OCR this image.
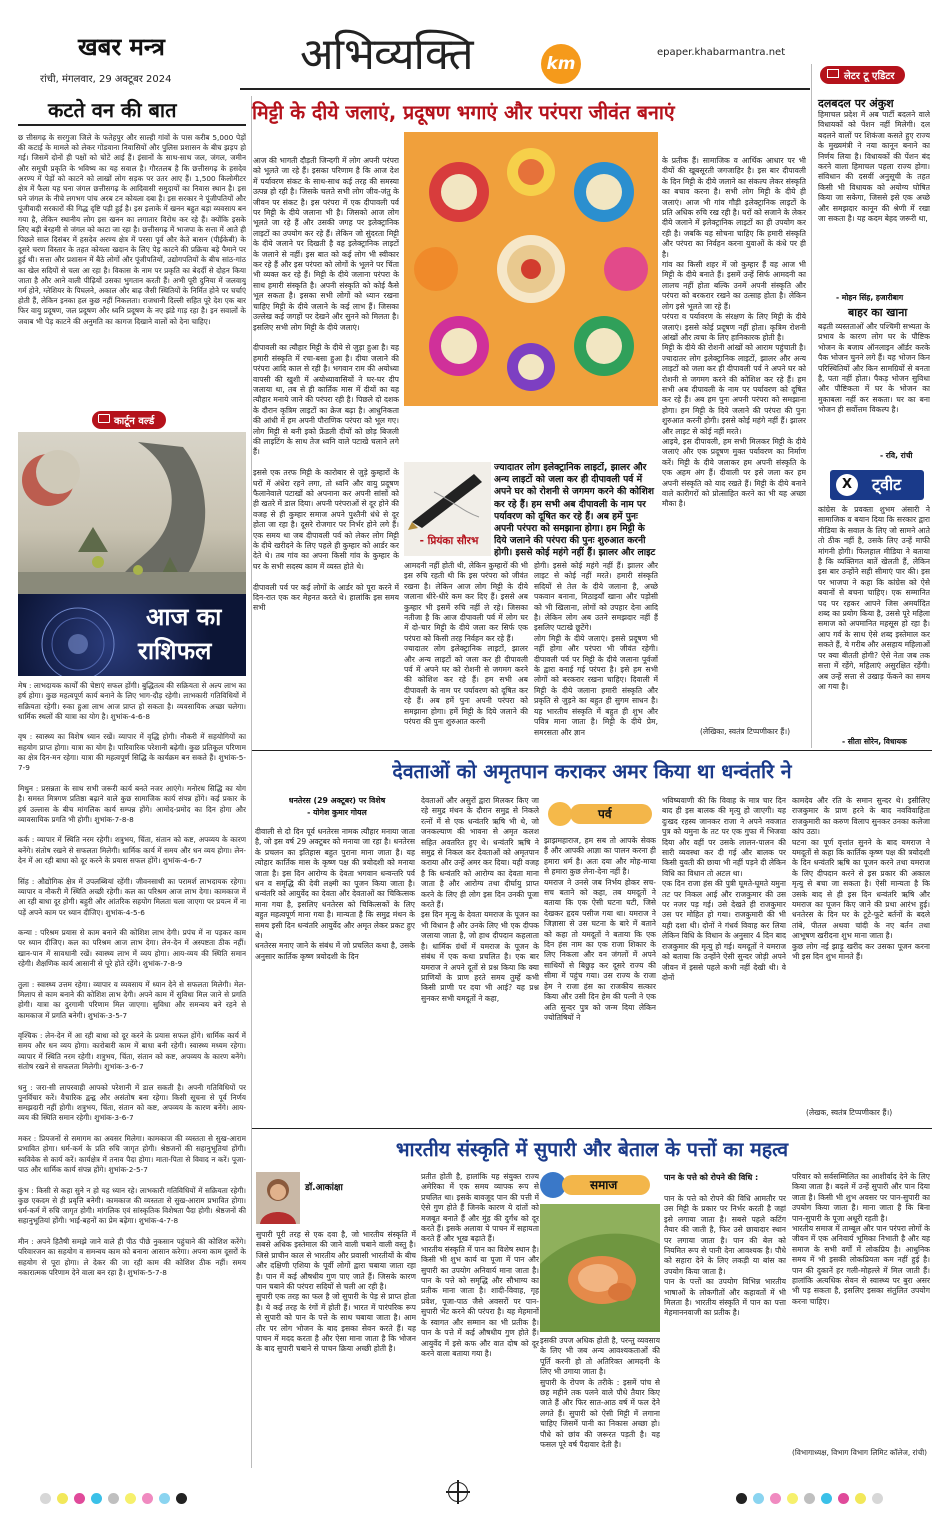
खबर मन्त्र
रांची, मंगलवार, 29 अक्टूबर 2024	अभिव्यक्ति	km
epaper.khabarmantra.net
कटते वन की बात
छ त्तीसगढ़ के सरगुजा जिले के फतेहपुर और साल्ही गांवों के पास करीब 5,000 पेड़ों की कटाई के मामले को लेकर गोंडवाना निवासियों और पुलिस प्रशासन के बीच झड़प हो गई। जिसमें दोनों ही पक्षों को चोटें आई हैं। इंसानों के साथ-साथ जल, जंगल, जमीन और समूची प्रकृति के भविष्य का यह सवाल है। गौरतलब है कि छत्तीसगढ़ के हसदेव अरण्य में पेड़ों को काटने को लाखों लोग सड़क पर उतर आए हैं। 1,500 किलोमीटर क्षेत्र में फैला यह घना जंगल छत्तीसगढ़ के आदिवासी समुदायों का निवास स्थान है। इस घने जंगल के नीचे लगभग पांच अरब टन कोयला दबा है। इस सरकार ने पूंजीपतियों और पूंजीवादी सरकारों की गिद्ध दृष्टि पड़ी हुई है। इस इलाके में खनन बहुत बड़ा व्यवसाय बन गया है, लेकिन स्थानीय लोग इस खनन का लगातार विरोध कर रहे हैं। क्योंकि इसके लिए बड़ी बेरहमी से जंगल को काटा जा रहा है। छत्तीसगढ़ में भाजपा के सत्ता में आते ही पिछले साल दिसंबर में हसदेव अरण्य क्षेत्र में परसा पूर्व और केते बासन (पीईकेबी) के दूसरे चरण विस्तार के तहत कोयला खदान के लिए पेड़ काटने की प्रक्रिया बड़े पैमाने पर हुई थी। सत्ता और प्रशासन में बैठे लोगों और पूंजीपतियों, उद्योगपतियों के बीच सांठ-गांठ का खेल सदियों से चला आ रहा है। विकास के नाम पर प्रकृति का बेदर्दी से दोहन किया जाता है और आने वाली पीढ़ियों उसका भुगतान करती हैं। अभी पूरी दुनिया में जलवायु गर्म होने, ग्लेशियर के पिघलने, अकाल और बाढ़ जैसी स्थितियों के निर्मित होने पर चर्चाएं होती हैं, लेकिन इनका हल कुछ नहीं निकलता। राजधानी दिल्ली सहित पूरे देश एक बार फिर वायु प्रदूषण, जल प्रदूषण और ध्वनि प्रदूषण के नए झंडे गाड़ रहा है। इन सवालों के जवाब भी पेड़ काटने की अनुमति का कागज दिखाने वालों को देना चाहिए।
कार्टून वर्ल्ड
आज का
राशिफल
मेष : लाभदायक कार्यों की चेष्टाएं सफल होंगी। बुद्धितत्व की सक्रियता से अल्प लाभ का हर्ष होगा। कुछ महत्वपूर्ण कार्य बनाने के लिए भाग-दौड़ रहेगी। लाभकारी गतिविधियों में सक्रियता रहेगी। रुका हुआ लाभ आज प्राप्त हो सकता है। व्यवसायिक अच्छा चलेगा। धार्मिक स्थलों की यात्रा का योग है। शुभांक-4-6-8

वृष : स्वास्थ्य का विशेष ध्यान रखें। व्यापार में वृद्धि होगी। नौकरी में सहयोगियों का सहयोग प्राप्त होगा। यात्रा का योग है। पारिवारिक परेशानी बढ़ेगी। कुछ प्रतिकूल परिणाम का क्षेत्र दिन-मन रहेगा। यात्रा की महत्वपूर्ण सिद्धि के कार्यक्रम बन सकते हैं। शुभांक-5-7-9

मिथुन : प्रसन्नता के साथ सभी जरूरी कार्य बनते नजर आएंगे। मनोरथ सिद्धि का योग है। समस्त मित्रगण प्रतिष्ठा बढ़ाने वाले कुछ सामाजिक कार्य संपन्न होंगे। कई प्रकार के हर्ष उल्लास के बीच मांगलिक कार्य सम्पन्न होंगे। आमोद-प्रमोद का दिन होगा और व्यावसायिक प्रगति भी होगी। शुभांक-7-8-8

कर्क : व्यापार में स्थिति नरम रहेगी। शत्रुभय, चिंता, संतान को कष्ट, अपव्यय के कारण बनेंगे। संतोष रखने से सफलता मिलेगी। धार्मिक कार्य में समय और धन व्यय होगा। लेन-देन में आ रही बाधा को दूर करने के प्रयास सफल होंगे। शुभांक-4-6-7

सिंह : औद्योगिक क्षेत्र में उपलब्धियां रहेंगी। जीवनसाथी का परामर्श लाभदायक रहेगा। व्यापार व नौकरी में स्थिति अच्छी रहेगी। कल का परिश्रम आज लाभ देगा। कामकाज में आ रही बाधा दूर होगी। बहुरी और आंतरिक सहयोग मिलता चला जाएगा पर प्रयत्न में ना पड़ें अपने काम पर ध्यान दीजिए। शुभांक-4-5-6

कन्या : परिश्रम प्रयास से काम बनाने की कोशिश लाभ देगी। प्रपंच में ना पड़कर काम पर ध्यान दीजिए। कल का परिश्रम आज लाभ देगा। लेन-देन में अस्पष्टता ठीक नहीं। खान-पान में सावधानी रखें। स्वास्थ्य लाभ में व्यय होगा। आय-व्यय की स्थिति समान रहेगी। शैक्षणिक कार्य आसानी से पूरे होते रहेंगे। शुभांक-7-8-9

तुला : स्वास्थ्य उत्तम रहेगा। व्यापार व व्यवसाय में ध्यान देने से सफलता मिलेगी। मेल-मिलाप से काम बनाने की कोशिश लाभ देगी। अपने काम में सुविधा मिल जाने से प्रगति होगी। यात्रा का दुरगामी परिणाम मिल जाएगा। सुविधा और समन्वय बने रहने से कामकाज में प्रगति बनेगी। शुभांक-3-5-7

वृश्चिक : लेन-देन में आ रही बाधा को दूर करने के प्रयास सफल होंगे। धार्मिक कार्य में समय और धन व्यय होगा। कारोबारी काम में बाधा बनी रहेगी। स्वास्थ्य मध्यम रहेगा। व्यापार में स्थिति नरम रहेगी। शत्रुभय, चिंता, संतान को कष्ट, अपव्यय के कारण बनेंगे। संतोष रखने से सफलता मिलेगी। शुभांक-3-6-7

धनु : जरा-सी लापरवाही आपको परेशानी में डाल सकती है। अपनी गतिविधियों पर पुनर्विचार करें। वैचारिक द्वन्द्व और असंतोष बना रहेगा। किसी सूचना से पूर्व निर्णय समझदारी नहीं होगी। शत्रुभय, चिंता, संतान को कष्ट, अपव्यय के कारण बनेंगे। आय-व्यय की स्थिति समान रहेगी। शुभांक-3-6-7

मकर : प्रियजनों से समागम का अवसर मिलेगा। कामकाज की व्यस्तता से सुख-आराम प्रभावित होगा। धर्म-कर्म के प्रति रुचि जागृत होगी। श्रेष्ठजनों की सहानुभूतियां होंगी। स्वविवेक से कार्य करें। कार्यक्षेत्र में तनाव पैदा होगा। माता-पिता से विवाद न करें। पूजा-पाठ और धार्मिक कार्य संपन्न होंगे। शुभांक-2-5-7

कुंभ : किसी से कहा सुने न हो यह ध्यान रहे। लाभकारी गतिविधियों में सक्रियता रहेगी। कुछ एकदम से ही प्रवृत्ति बनेगी। कामकाज की व्यस्तता से सुख-आराम प्रभावित होगा। धर्म-कर्म में रुचि जागृत होगी। मांगलिक एवं सांस्कृतिक विशेषता पैदा होगी। श्रेष्ठजनों की सहानुभूतियां होंगी। भाई-बहनों का प्रेम बढ़ेगा। शुभांक-4-7-8

मीन : अपने हितैषी समझे जाने वाले ही पीठ पीछे नुकसान पहुंचाने की कोशिश करेंगे। परिवारजन का सहयोग व समन्वय काम को बनाना आसान करेगा। अपना काम दूसरों के सहयोग से पूरा होगा। ले देकर की जा रही काम की कोशिश ठीक नहीं। समय नकारात्मक परिणाम देने वाला बन रहा है। शुभांक-5-7-8
मिट्टी के दीये जलाएं, प्रदूषण भगाएं और परंपरा जीवंत बनाएं
आज की भागती दौड़ती जिन्दगी में लोग अपनी परंपरा को भूलते जा रहे हैं। इसका परिणाम है कि आज देश में पर्यावरण संकट के साथ-साथ कई तरह की समस्या उत्पन्न हो रही है। जिसके चलते सभी लोग जीव-जंतु के जीवन पर संकट है। इस परंपरा में एक दीपावली पर्व पर मिट्टी के दीये जलाना भी है। जिसको आज लोग भूलते जा रहे हैं और उसकी जगह पर इलेक्ट्रानिक लाइटों का उपयोग कर रहे हैं। लेकिन जो सुंदरता मिट्टी के दीये जलाने पर दिखती है वह इलेक्ट्रानिक लाइटों के जलाने से नहीं। इस बात को कई लोग भी स्वीकार कर रहे हैं और इस परंपरा को लोगों के भूलने पर चिंता भी व्यक्त कर रहे हैं। मिट्टी के दीये जलाना परंपरा के साथ हमारी संस्कृति है। अपनी संस्कृति को कोई कैसे भूल सकता है। इसका सभी लोगों को ध्यान रखना चाहिए मिट्टी के दीये जलाने के कई लाभ हैं। जिसका उल्लेख कई जगहों पर देखने और सुनने को मिलता है। इसलिए सभी लोग मिट्टी के दीये जलाएं।

दीपावली का त्यौहार मिट्टी के दीये से जुड़ा हुआ है। यह हमारी संस्कृति में रचा-बसा हुआ है। दीया जलाने की परंपरा आदि काल से रही है। भगवान राम की अयोध्या वापसी की खुशी में अयोध्यावासियों ने घर-घर दीप जलाया था, तब से ही कार्तिक मास में दीयों का यह त्यौहार मनाये जाने की परंपरा रही है। पिछले दो दशक के दौरान कृत्रिम लाइटों का क्रेज बढ़ा है। आधुनिकता की आंधी में हम अपनी पौराणिक परंपरा को भूल गए। लोग मिट्टी से बनी इको फ्रेंडली दीयों को छोड़ बिजली की लाइटिंग के साथ तेज ध्वनि वाले पटाखे चलाने लगे हैं।

इससे एक तरफ मिट्टी के कारोबार से जुड़े कुम्हारों के घरों में अंधेरा रहने लगा, तो ध्वनि और वायु प्रदूषण फैलानेवाले पटाखों को अपनाना कर अपनी सांसों को ही खतरे में डाल दिया। अपनी परंपराओं से दूर होने की वजह से ही कुम्हार समाज अपने पुश्तैनी धंधे से दूर होता जा रहा है। दूसरे रोजगार पर निर्भर होने लगे हैं। एक समय था जब दीपावली पर्व को लेकर लोग मिट्टी के दीये खरीदने के लिए पहले ही कुम्हार को आर्डर कर देते थे। तब गांव का अपना किसी गांव के कुम्हार के घर के सभी सदस्य काम में व्यस्त होते थे।

दीपावली पर्व पर कई लोगों के आर्डर को पूरा करने में दिन-रात एक कर मेहनत करते थे। हालांकि इस समय सभी
के प्रतीक हैं। सामाजिक व आर्थिक आधार पर भी दीयों की खूबसूरती जगजाहिर है। इस बार दीपावली के दिन मिट्टी के दीये जलाने का संकल्प लेकर संस्कृति का बचाव करना है। सभी लोग मिट्टी के दीये ही जलाएं। आज भी गांव गौड़ी इलेक्ट्रानिक लाइटों के प्रति अधिक रुचि रख रही है। घरों को सजाने के लेकर दीये जलाने में इलेक्ट्रानिक लाइटों का ही उपयोग कर रही है। जबकि यह सोचना चाहिए कि हमारी संस्कृति और परंपरा का निर्वहन करना युवाओं के कंधे पर ही है।
गांव का किसी शहर में जो कुम्हार हैं वह आज भी मिट्टी के दीये बनाते हैं। इसमें उन्हें सिर्फ आमदनी का लालच नहीं होता बल्कि उनमें अपनी संस्कृति और परंपरा को बरकरार रखने का उत्साह होता है। लेकिन लोग इसे भूलते जा रहे हैं।
परंपरा व पर्यावरण के संरक्षण के लिए मिट्टी के दीये जलाएं। इससे कोई प्रदूषण नहीं होता। कृत्रिम रोशनी आंखों और त्वचा के लिए हानिकारक होती है।
मिट्टी के दीये की रोशनी आंखों को आराम पहुंचाती है। ज्यादातर लोग इलेक्ट्रानिक लाइटों, झालर और अन्य लाइटों को जला कर ही दीपावली पर्व ने अपने घर को रोशनी से जगमग करने की कोशिश कर रहे हैं। हम सभी अब दीपावली के नाम पर पर्यावरण को दूषित कर रहे हैं। अब हम पुनः अपनी परंपरा को समझाना होगा। हम मिट्टी के दिये जलाने की परंपरा की पुनः शुरुआत करनी होगी। इससे कोई महंगे नहीं हैं। झालर और लाइट से कोई नहीं मरते।
आइये, इस दीपावली, हम सभी मिलकर मिट्टी के दीये जलाएं और एक प्रदूषण मुक्त पर्यावरण का निर्माण करें। मिट्टी के दीये जलाकर हम अपनी संस्कृति के एक अहम अंग हैं। दीवाली पर इसे जला कर हम अपनी संस्कृति को याद रखते हैं। मिट्टी के दीये बनाने वाले कारीगरों को प्रोत्साहित करने का भी यह अच्छा मौका है।
आमदनी नहीं होती थी, लेकिन कुम्हारों की भी इस रुचि रहती थी कि इस परंपरा को जीवंत रखना है। लेकिन आज लोग मिट्टी के दीये जलाना धीरे-धीरे कम कर दिए हैं। इससे अब कुम्हार भी इसमें रुचि नहीं ले रहे। जिसका नतीजा है कि आज दीपावली पर्व में लोग घर में दो-चार मिट्टी के दीये जला कर सिर्फ एक परंपरा को किसी तरह निर्वहन कर रहे हैं।
ज्यादातर लोग इलेक्ट्रानिक लाइटों, झालर और अन्य लाइटों को जला कर ही दीपावली पर्व में अपने घर को रोशनी से जगमग करने की कोशिश कर रहे हैं। हम सभी अब दीपावली के नाम पर पर्यावरण को दूषित कर रहे हैं। अब हमें पुनः अपनी परंपरा को समझाना होगा। हमें मिट्टी के दिये जलाने की परंपरा की पुनः शुरुआत करनी
होगी। इससे कोई महंगे नहीं हैं। झालर और लाइट से कोई नहीं मरते। हमारी संस्कृति सदियों से तेल के दीये जलाना है, अच्छे पकवान बनाना, मिठाइयाँ खाना और पड़ोसी को भी खिलाना, लोगों को उपहार देना आदि है। लेकिन लोग अब उतने समझदार नहीं हैं इसलिए पटाखे छूटेंगे।
लोग मिट्टी के दीये जलाएं। इससे प्रदूषण भी नहीं होगा और परंपरा भी जीवंत रहेगी। दीपावली पर्व पर मिट्टी के दीये जलाना पूर्वजों के द्वारा बनाई गई परंपरा है। इसे हम सभी लोगों को बरकरार रखना चाहिए। दिवाली में मिट्टी के दीये जलाना हमारी संस्कृति और प्रकृति से जुड़ने का बहुत ही सुगम साधन है। यह भारतीय संस्कृति में बहुत ही शुभ और पवित्र माना जाता है। मिट्टी के दीये प्रेम, समरसता और ज्ञान
- प्रियंका सौरभ
ज्यादातर लोग इलेक्ट्रानिक लाइटों, झालर और अन्य लाइटों को जला कर ही दीपावली पर्व में अपने घर को रोशनी से जगमग करने की कोशिश कर रहे हैं। हम सभी अब दीपावली के नाम पर पर्यावरण को दूषित कर रहे हैं। अब हमें पुनः अपनी परंपरा को समझाना होगा। हम मिट्टी के दिये जलाने की परंपरा की पुनः शुरुआत करनी होगी। इससे कोई महंगे नहीं हैं। झालर और लाइट
(लेखिका, स्वतंत्र टिप्पणीकार हैं।)
लेटर टू एडिटर
दलबदल पर अंकुश
हिमाचल प्रदेश में अब पार्टी बदलने वाले विधायकों को पेंशन नहीं मिलेगी। दल बदलने वालों पर शिकंजा कसते हुए राज्य के मुख्यमंत्री ने नया कानून बनाने का निर्णय लिया है। विधायकों की पेंशन बंद करने वाला हिमाचल पहला राज्य होगा। संविधान की दसवीं अनुसूची के तहत किसी भी विधायक को अयोग्य घोषित किया जा सकेगा, जिससे इसे एक अच्छे और समझदार कानून की श्रेणी में रखा जा सकता है। यह कदम बेहद जरूरी था,
- मोहन सिंह, हजारीबाग
बाहर का खाना
बढ़ती व्यस्तताओं और पश्चिमी सभ्यता के प्रभाव के कारण लोग घर के पौष्टिक भोजन के बजाय ऑनलाइन ऑर्डर करके पैक भोजन चुनने लगे हैं। यह भोजन किन परिस्थितियों और किन सामग्रियों से बनता है, पता नहीं होता। पैकड़ भोजन सुविधा और पौष्टिकता में घर के भोजन का मुकाबला नहीं कर सकता। घर का बना भोजन ही सर्वोत्तम विकल्प है।
- रवि, रांची
X	ट्वीट
कांग्रेस के प्रवक्ता शुभम अंसारी ने सामाजिक व बयान दिया कि सरकार द्वारा मीडिया के सवाल के लिए जो सामने आते तो ठीक नहीं है, उसके लिए उन्हें माफी मांगनी होगी। फिलहाल मीडिया ने बताया है कि व्यक्तिगत बातें खेलती हैं, लेकिन इस बार उन्होंने सही सीमाएं पार की। इस पर भाजपा ने कहा कि कांग्रेस को ऐसे बयानों से बचना चाहिए। एक सम्मानित पद पर रहकर आपने जिस अमर्यादित शब्द का प्रयोग किया है, उससे पूरे महिला समाज को अपमानित महसूस हो रहा है। आप गर्व के साथ ऐसे शब्द इस्तेमाल कर सकते हैं, ये गरीब और असहाय महिलाओं पर क्या बीतती होगी? ऐसे नेता जब तक सत्ता में रहेंगे, महिलाएं असुरक्षित रहेंगी। अब उन्हें सत्ता से उखाड़ फेंकने का समय आ गया है।
- सीता सोरेन, विधायक
देवताओं को अमृतपान कराकर अमर किया था धन्वंतरि ने
धनतेरस (29 अक्टूबर) पर विशेष
- योगेश कुमार गोयल
दीवाली से दो दिन पूर्व धनतेरस नामक त्यौहार मनाया जाता है, जो इस वर्ष 29 अक्टूबर को मनाया जा रहा है। धनतेरस के प्रचलन का इतिहास बहुत पुराना माना जाता है। यह त्योहार कार्तिक मास के कृष्ण पक्ष की त्रयोदशी को मनाया जाता है। इस दिन आरोग्य के देवता भगवान धन्वन्तरि पर्व धन व समृद्धि की देवी लक्ष्मी का पूजन किया जाता है। धन्वंतरि को आयुर्वेद का देवता और देवताओं का चिकित्सक माना गया है, इसलिए धनतेरस को चिकित्सकों के लिए बहुत महत्वपूर्ण माना गया है। मान्यता है कि समुद्र मंथन के समय इसी दिन धन्वंतरि आयुर्वेद और अमृत लेकर प्रकट हुए थे।
धनतेरस मनाए जाने के संबंध में जो प्रचलित कथा है, उसके अनुसार कार्तिक कृष्ण त्रयोदशी के दिन
देवताओं और असुरों द्वारा मिलकर किए जा रहे समुद्र मंथन के दौरान समुद्र से निकले रत्नों में से एक धन्वंतरि ऋषि भी थे, जो जनकल्याण की भावना से अमृत कलश सहित अवतरित हुए थे। धन्वंतरि ऋषि ने समुद्र से निकल कर देवताओं को अमृतपान कराया और उन्हें अमर कर दिया। यही वजह है कि धन्वंतरि को आरोग्य का देवता माना जाता है और आरोग्य तथा दीर्घायु प्राप्त करने के लिए ही लोग इस दिन उनकी पूजा करते हैं।
इस दिन मृत्यु के देवता यमराज के पूजन का भी विधान है और उनके लिए भी एक दीपक जलाया जाता है, जो हाथ दीपदान कहलाता है। धार्मिक ग्रंथों में यमराज के पूजन के संबंध में एक कथा प्रचलित है। एक बार यमराज ने अपने दूतों से प्रश्न किया कि क्या प्राणियों के प्राण हरते समय तुम्हें कभी किसी प्राणी पर दया भी आई? यह प्रश्न सुनकर सभी यमदूतों ने कहा,
पर्व
झाझमहाराज, हम सब तो आपके सेवक हैं और आपकी आज्ञा का पालन करना ही हमारा धर्म है। अतः दया और मोह-माया से हमारा कुछ लेना-देना नहीं है।
यमराज ने उनसे जब निर्भय होकर सच-सच बताने को कहा, तब यमदूतों ने बताया कि एक ऐसी घटना घटी, जिसे देखकर हृदय पसीज गया था। यमराज ने जिज्ञासा से उस घटना के बारे में बताने को कहा तो यमदूतों ने बताया कि एक दिन हंस नाम का एक राजा शिकार के लिए निकला और वन जंगलों में अपने साथियों से बिछुड़ कर दूसरे राज्य की सीमा में पहुंच गया। उस राज्य के राजा हेम ने राजा हंस का राजकीय सत्कार किया और उसी दिन हेम की पत्नी ने एक अति सुन्दर पुत्र को जन्म दिया लेकिन ज्योतिषियों ने
भविष्यवाणी की कि विवाह के मात्र चार दिन बाद ही इस बालक की मृत्यु हो जाएगी। यह दुःखद रहस्य जानकर राजा ने अपने नवजात पुत्र को यमुना के तट पर एक गुफा में भिजवा दिया और वहीं पर उसके लालन-पालन की सारी व्यवस्था कर दी गई और बालक पर किसी युवती की छाया भी नहीं पड़ने दी लेकिन विधि का विधान तो अटल था।
एक दिन राजा हंस की पुत्री घूमते-घूमते यमुना तट पर निकल आई और राजकुमार की उस पर नजर पड़ गई। उसे देखते ही राजकुमार उस पर मोहित हो गया। राजकुमारी की भी यही दशा थी। दोनों ने गंधर्व विवाह कर लिया लेकिन विधि के विधान के अनुसार 4 दिन बाद राजकुमार की मृत्यु हो गई। यमदूतों ने यमराज को बताया कि उन्होंने ऐसी सुन्दर जोड़ी अपने जीवन में इससे पहले कभी नहीं देखी थी। वे दोनों
कामदेव और रति के समान सुन्दर थे। इसीलिए राजकुमार के प्राण हरने के बाद नवविवाहिता राजकुमारी का करुण विलाप सुनकर उनका कलेजा कांप उठा।
घटना का पूर्ण वृत्तांत सुनने के बाद यमराज ने यमदूतों से कहा कि कार्तिक कृष्ण पक्ष की त्रयोदशी के दिन धन्वंतरि ऋषि का पूजन करने तथा यमराज के लिए दीपदान करने से इस प्रकार की अकाल मृत्यु से बचा जा सकता है। ऐसी मान्यता है कि उसके बाद से ही इस दिन धन्वंतरि ऋषि और यमराज का पूजन किए जाने की प्रथा आरंभ हुई। धनतेरस के दिन घर के टूटे-फूटे बर्तनों के बदले तांबे, पीतल अथवा चांदी के नए बर्तन तथा आभूषण खरीदना शुभ माना जाता है।
कुछ लोग नई झाड़ू खरीद कर उसका पूजन करना भी इस दिन शुभ मानते हैं।
(लेखक, स्वतंत्र टिप्पणीकार हैं।)
भारतीय संस्कृति में सुपारी और बेताल के पत्तों का महत्व
डॉ.आकांक्षा
सुपारी पूरी तरह से एक दवा है, जो भारतीय संस्कृति में सबसे अधिक इस्तेमाल की जाने वाली चबाने वाली वस्तु है। जिसे प्राचीन काल से भारतीय और प्रवासी भारतीयों के बीच और दक्षिणी एशिया के पूर्वी लोगों द्वारा चबाया जाता रहा है। पान में कई औषधीय गुण पाए जाते हैं। जिसके कारण पान चबाने की परंपरा सदियों से चली आ रही है।
सुपारी एक तरह का फल है जो सुपारी के पेड़ से प्राप्त होता है। ये कई तरह के रंगों में होती हैं। भारत में पारंपरिक रूप से सुपारी को पान के पत्ते के साथ चबाया जाता है। आम तौर पर लोग भोजन के बाद इसका सेवन करते हैं। यह पाचन में मदद करता है और ऐसा माना जाता है कि भोजन के बाद सुपारी चबाने से पाचन क्रिया अच्छी होती है।
प्रतीत होती है, हालांकि यह संयुक्त राज्य अमेरिका में एक समय व्यापक रूप से प्रचलित था। इसके बावजूद पान की पत्ती में ऐसे गुण होते हैं जिनके कारण ये दांतों को मजबूत बनाते हैं और मुंह की दुर्गंध को दूर करते हैं। इसके अलावा ये पाचन में सहायता करते हैं और भूख बढ़ाते हैं।
भारतीय संस्कृति में पान का विशेष स्थान है। किसी भी शुभ कार्य या पूजा में पान और सुपारी का उपयोग अनिवार्य माना जाता है। पान के पत्ते को समृद्धि और सौभाग्य का प्रतीक माना जाता है। शादी-विवाह, गृह प्रवेश, पूजा-पाठ जैसे अवसरों पर पान-सुपारी भेंट करने की परंपरा है। यह मेहमानों के स्वागत और सम्मान का भी प्रतीक है। पान के पत्ते में कई औषधीय गुण होते हैं। आयुर्वेद में इसे कफ और वात दोष को दूर करने वाला बताया गया है।
समाज
इसकी उपज अधिक होती है, परन्तु व्यवसाय के लिए भी जब अन्य आवश्यकताओं की पूर्ति करनी हो तो अतिरिक्त आमदनी के लिए भी उगाया जाता है।
सुपारी के रोपण के तरीके : इसमें पांच से छह महीने तक पलने वाले पौधे तैयार किए जाते हैं और फिर सात-आठ वर्ष में फल देने लगते हैं। सुपारी को ऐसी मिट्टी में लगाना चाहिए जिसमें पानी का निकास अच्छा हो। पौधे को छांव की जरूरत पड़ती है। यह फसल पूरे वर्ष पैदावार देती है।
पान के पत्ते को रोपने की विधि :
पान के पत्ते को रोपने की विधि आमतौर पर उस मिट्टी के प्रकार पर निर्भर करती है जहां इसे लगाया जाता है। सबसे पहले कटिंग तैयार की जाती है, फिर उसे छायादार स्थान पर लगाया जाता है। पान की बेल को नियमित रूप से पानी देना आवश्यक है। पौधे को सहारा देने के लिए लकड़ी या बांस का उपयोग किया जाता है।
पान के पत्तों का उपयोग विभिन्न भारतीय भाषाओं के लोकगीतों और कहावतों में भी मिलता है। भारतीय संस्कृति में पान का पत्ता मेहमाननवाजी का प्रतीक है।
परिवार को सर्वसम्मिलित का आशीर्वाद देने के लिए किया जाता है। बदले में उन्हें सुपारी और पान दिया जाता है। किसी भी शुभ अवसर पर पान-सुपारी का उपयोग किया जाता है। माना जाता है कि बिना पान-सुपारी के पूजा अधूरी रहती है।
भारतीय समाज में ताम्बूल और पान परंपरा लोगों के जीवन में एक अनिवार्य भूमिका निभाती है और यह समाज के सभी वर्गों में लोकप्रिय है। आधुनिक समय में भी इसकी लोकप्रियता कम नहीं हुई है। पान की दुकानें हर गली-मोहल्ले में मिल जाती हैं। हालांकि अत्यधिक सेवन से स्वास्थ्य पर बुरा असर भी पड़ सकता है, इसलिए इसका संतुलित उपयोग करना चाहिए।
(विभागाध्यक्ष, विभाग विभाग लिमिट कॉलेज, रांची)
